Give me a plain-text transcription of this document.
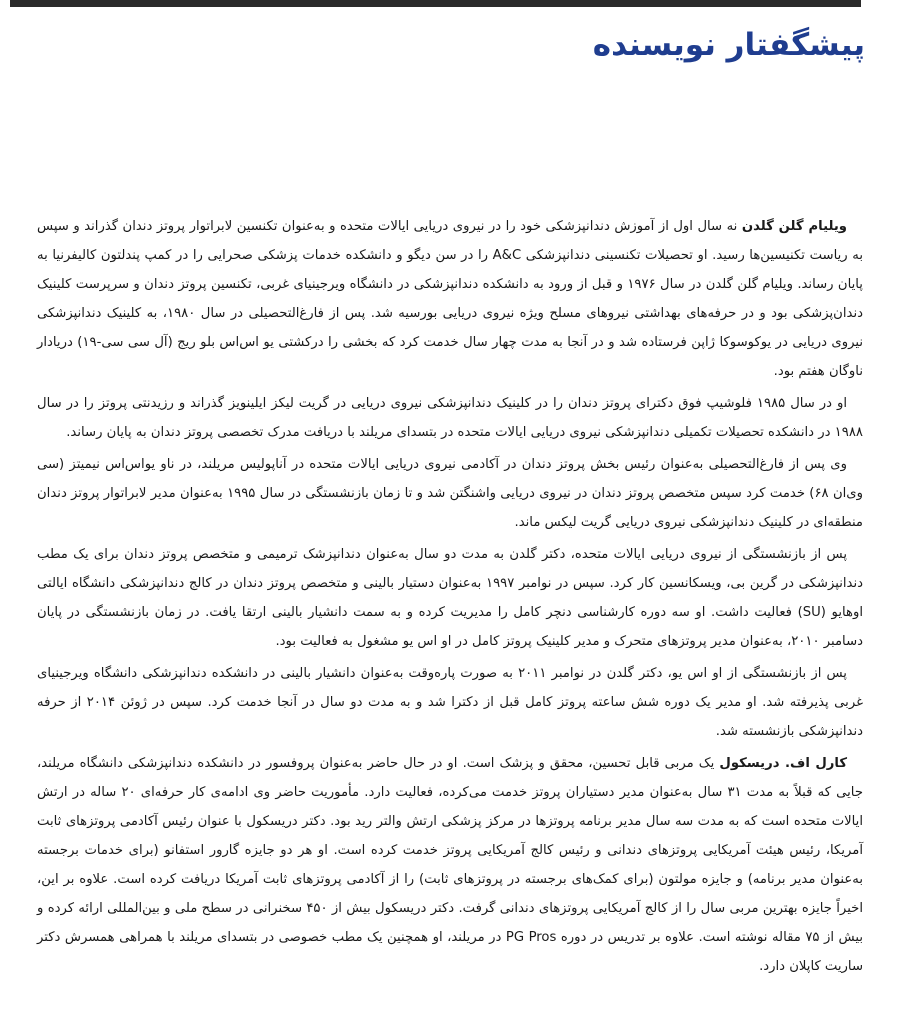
پیشگفتار نویسنده

ویلیام گلن گلدن نه سال اول از آموزش دندانپزشکی خود را در نیروی دریایی ایالات متحده و به‌عنوان تکنسین لابراتوار پروتز دندان گذراند و سپس به ریاست تکنیسین‌ها رسید. او تحصیلات تکنسینی دندانپزشکی A&C را در سن دیگو و دانشکده خدمات پزشکی صحرایی را در کمپ پندلتون کالیفرنیا به پایان رساند. ویلیام گلن گلدن در سال ۱۹۷۶ و قبل از ورود به دانشکده دندانپزشکی در دانشگاه ویرجینیای غربی، تکنسین پروتز دندان و سرپرست کلینیک دندان‌پزشکی بود و در حرفه‌های بهداشتی نیروهای مسلح ویژه نیروی دریایی بورسیه شد. پس از فارغ‌التحصیلی در سال ۱۹۸۰، به کلینیک دندانپزشکی نیروی دریایی در یوکوسوکا ژاپن فرستاده شد و در آنجا به مدت چهار سال خدمت کرد که بخشی را درکشتی یو اس‌اس بلو ریج (آل سی سی-۱۹) دریادار ناوگان هفتم بود.

او در سال ۱۹۸۵ فلوشیپ فوق دکترای پروتز دندان را در کلینیک دندانپزشکی نیروی دریایی در گریت لیکز ایلینویز گذراند و رزیدنتی پروتز را در سال ۱۹۸۸ در دانشکده تحصیلات تکمیلی دندانپزشکی نیروی دریایی ایالات متحده در بتسدای مریلند با دریافت مدرک تخصصی پروتز دندان به پایان رساند.

وی پس از فارغ‌التحصیلی به‌عنوان رئیس بخش پروتز دندان در آکادمی نیروی دریایی ایالات متحده در آناپولیس مریلند، در ناو یو‌اس‌اس نیمیتز (سی وی‌ان ۶۸) خدمت کرد سپس متخصص پروتز دندان در نیروی دریایی واشنگتن شد و تا زمان بازنشستگی در سال ۱۹۹۵ به‌عنوان مدیر لابراتوار پروتز دندان منطقه‌ای در کلینیک دندانپزشکی نیروی دریایی گریت لیکس ماند.

پس از بازنشستگی از نیروی دریایی ایالات متحده، دکتر گلدن به مدت دو سال به‌عنوان دندانپزشک ترمیمی و متخصص پروتز دندان برای یک مطب دندانپزشکی در گرین بی، ویسکانسین کار کرد. سپس در نوامبر ۱۹۹۷ به‌عنوان دستیار بالینی و متخصص پروتز دندان در کالج دندانپزشکی دانشگاه ایالتی اوهایو (SU) فعالیت داشت. او سه دوره کارشناسی دنچر کامل را مدیریت کرده و به سمت دانشیار بالینی ارتقا یافت. در زمان بازنشستگی در پایان دسامبر ۲۰۱۰، به‌عنوان مدیر پروتزهای متحرک و مدیر کلینیک پروتز کامل در او اس یو مشغول به فعالیت بود.

پس از بازنشستگی از او اس یو، دکتر گلدن در نوامبر ۲۰۱۱ به صورت پاره‌وقت به‌عنوان دانشیار بالینی در دانشکده دندانپزشکی دانشگاه ویرجینیای غربی پذیرفته شد. او مدیر یک دوره شش ساعته پروتز کامل قبل از دکترا شد و به مدت دو سال در آنجا خدمت کرد. سپس در ژوئن ۲۰۱۴ از حرفه دندانپزشکی بازنشسته شد.

کارل اف. دریسکول یک مربی قابل تحسین، محقق و پزشک است. او در حال حاضر به‌عنوان پروفسور در دانشکده دندانپزشکی دانشگاه مریلند، جایی که قبلاً به مدت ۳۱ سال به‌عنوان مدیر دستیاران پروتز خدمت می‌کرده، فعالیت دارد. مأموریت حاضر وی ادامه‌ی کار حرفه‌ای ۲۰ ساله در ارتش ایالات متحده است که به مدت سه سال مدیر برنامه پروتزها در مرکز پزشکی ارتش والتر رید بود. دکتر دریسکول با عنوان رئیس آکادمی پروتزهای ثابت آمریکا، رئیس هیئت آمریکایی پروتزهای دندانی و رئیس کالج آمریکایی پروتز خدمت کرده است. او هر دو جایزه گارور استفانو (برای خدمات برجسته به‌عنوان مدیر برنامه) و جایزه مولتون (برای کمک‌های برجسته در پروتزهای ثابت) را از آکادمی پروتزهای ثابت آمریکا دریافت کرده است. علاوه بر این، اخیراً جایزه بهترین مربی سال را از کالج آمریکایی پروتزهای دندانی گرفت. دکتر دریسکول بیش از ۴۵۰ سخنرانی در سطح ملی و بین‌المللی ارائه کرده و بیش از ۷۵ مقاله نوشته است. علاوه بر تدریس در دوره PG Pros در مریلند، او همچنین یک مطب خصوصی در بتسدای مریلند با همراهی همسرش دکتر ساریت کاپلان دارد.
